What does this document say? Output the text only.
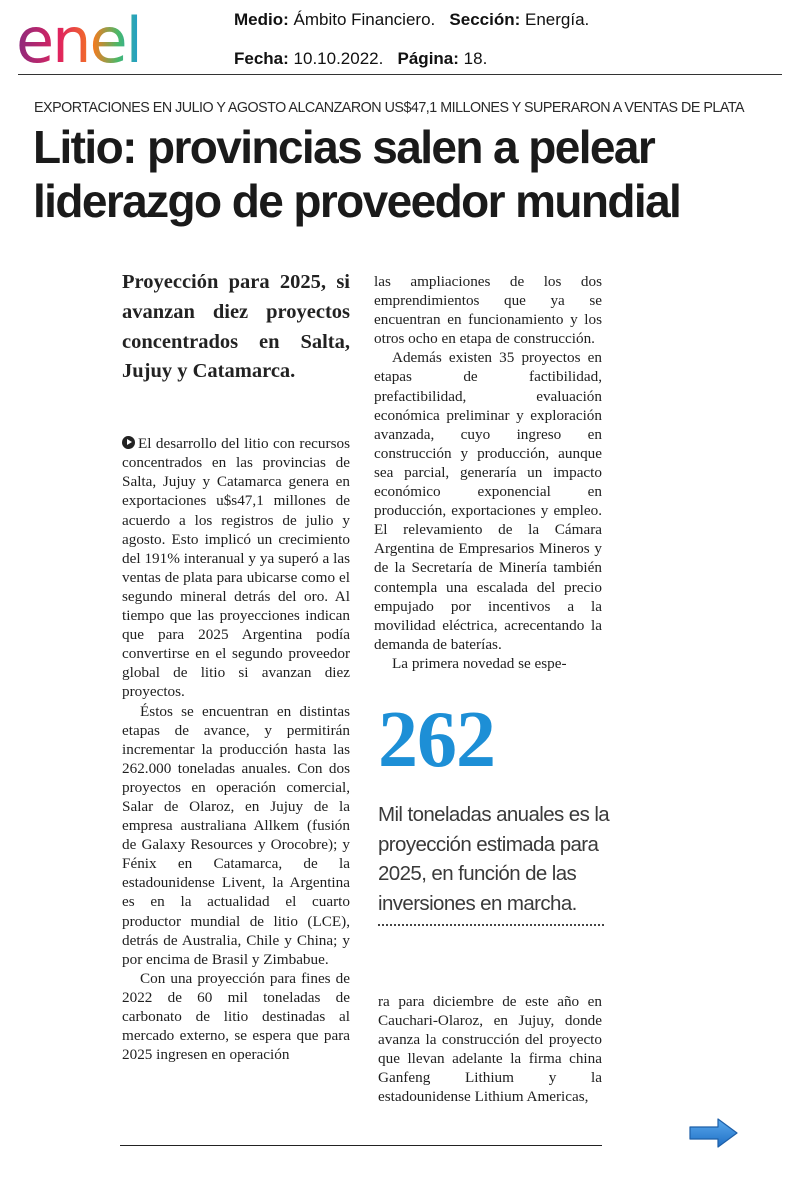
enel	Medio: Ámbito Financiero. Sección: Energía.
Fecha: 10.10.2022. Página: 18.
EXPORTACIONES EN JULIO Y AGOSTO ALCANZARON US$47,1 MILLONES Y SUPERARON A VENTAS DE PLATA
Litio: provincias salen a pelear liderazgo de proveedor mundial

Proyección para 2025, si avanzan diez proyectos concentrados en Salta, Jujuy y Catamarca.

El desarrollo del litio con recursos concentrados en las provincias de Salta, Jujuy y Catamarca genera en exportaciones u$s47,1 millones de acuerdo a los registros de julio y agosto. Esto implicó un crecimiento del 191% interanual y ya superó a las ventas de plata para ubicarse como el segundo mineral detrás del oro. Al tiempo que las proyecciones indican que para 2025 Argentina podía convertirse en el segundo proveedor global de litio si avanzan diez proyectos.

Éstos se encuentran en distintas etapas de avance, y permitirán incrementar la producción hasta las 262.000 toneladas anuales. Con dos proyectos en operación comercial, Salar de Olaroz, en Jujuy de la empresa australiana Allkem (fusión de Galaxy Resources y Orocobre); y Fénix en Catamarca, de la estadounidense Livent, la Argentina es en la actualidad el cuarto productor mundial de litio (LCE), detrás de Australia, Chile y China; y por encima de Brasil y Zimbabue.

Con una proyección para fines de 2022 de 60 mil toneladas de carbonato de litio destinadas al mercado externo, se espera que para 2025 ingresen en operación

las ampliaciones de los dos emprendimientos que ya se encuentran en funcionamiento y los otros ocho en etapa de construcción.

Además existen 35 proyectos en etapas de factibilidad, prefactibilidad, evaluación económica preliminar y exploración avanzada, cuyo ingreso en construcción y producción, aunque sea parcial, generaría un impacto económico exponencial en producción, exportaciones y empleo. El relevamiento de la Cámara Argentina de Empresarios Mineros y de la Secretaría de Minería también contempla una escalada del precio empujado por incentivos a la movilidad eléctrica, acrecentando la demanda de baterías.

La primera novedad se espe-

262

Mil toneladas anuales es la proyección estimada para 2025, en función de las inversiones en marcha.

ra para diciembre de este año en Cauchari-Olaroz, en Jujuy, donde avanza la construcción del proyecto que llevan adelante la firma china Ganfeng Lithium y la estadounidense Lithium Americas,
